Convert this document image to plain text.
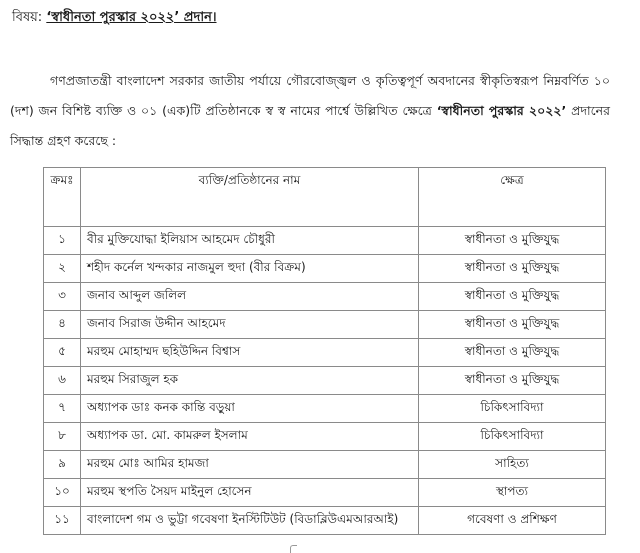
বিষয়: ‘স্বাধীনতা পুরস্কার ২০২২’ প্রদান।

গণপ্রজাতন্ত্রী বাংলাদেশ সরকার জাতীয় পর্যায়ে গৌরবোজ্জ্বল ও কৃতিত্বপূর্ণ অবদানের স্বীকৃতিস্বরূপ নিম্নবর্ণিত ১০ (দশ) জন বিশিষ্ট ব্যক্তি ও ০১ (এক)টি প্রতিষ্ঠানকে স্ব স্ব নামের পার্শ্বে উল্লিখিত ক্ষেত্রে ‘স্বাধীনতা পুরস্কার ২০২২’ প্রদানের সিদ্ধান্ত গ্রহণ করেছে :

ক্রমঃ	ব্যক্তি/প্রতিষ্ঠানের নাম	ক্ষেত্র
১	বীর মুক্তিযোদ্ধা ইলিয়াস আহমেদ চৌধুরী	স্বাধীনতা ও মুক্তিযুদ্ধ
২	শহীদ কর্নেল খন্দকার নাজমুল হুদা (বীর বিক্রম)	স্বাধীনতা ও মুক্তিযুদ্ধ
৩	জনাব আব্দুল জলিল	স্বাধীনতা ও মুক্তিযুদ্ধ
৪	জনাব সিরাজ উদ্দীন আহমেদ	স্বাধীনতা ও মুক্তিযুদ্ধ
৫	মরহুম মোহাম্মদ ছহিউদ্দিন বিশ্বাস	স্বাধীনতা ও মুক্তিযুদ্ধ
৬	মরহুম সিরাজুল হক	স্বাধীনতা ও মুক্তিযুদ্ধ
৭	অধ্যাপক ডাঃ কনক কান্তি বড়ুয়া	চিকিৎসাবিদ্যা
৮	অধ্যাপক ডা. মো. কামরুল ইসলাম	চিকিৎসাবিদ্যা
৯	মরহুম মোঃ আমির হামজা	সাহিত্য
১০	মরহুম স্থপতি সৈয়দ মাইনুল হোসেন	স্থাপত্য
১১	বাংলাদেশ গম ও ভুট্টা গবেষণা ইনস্টিটিউট (বিডাব্লিউএমআরআই)	গবেষণা ও প্রশিক্ষণ
